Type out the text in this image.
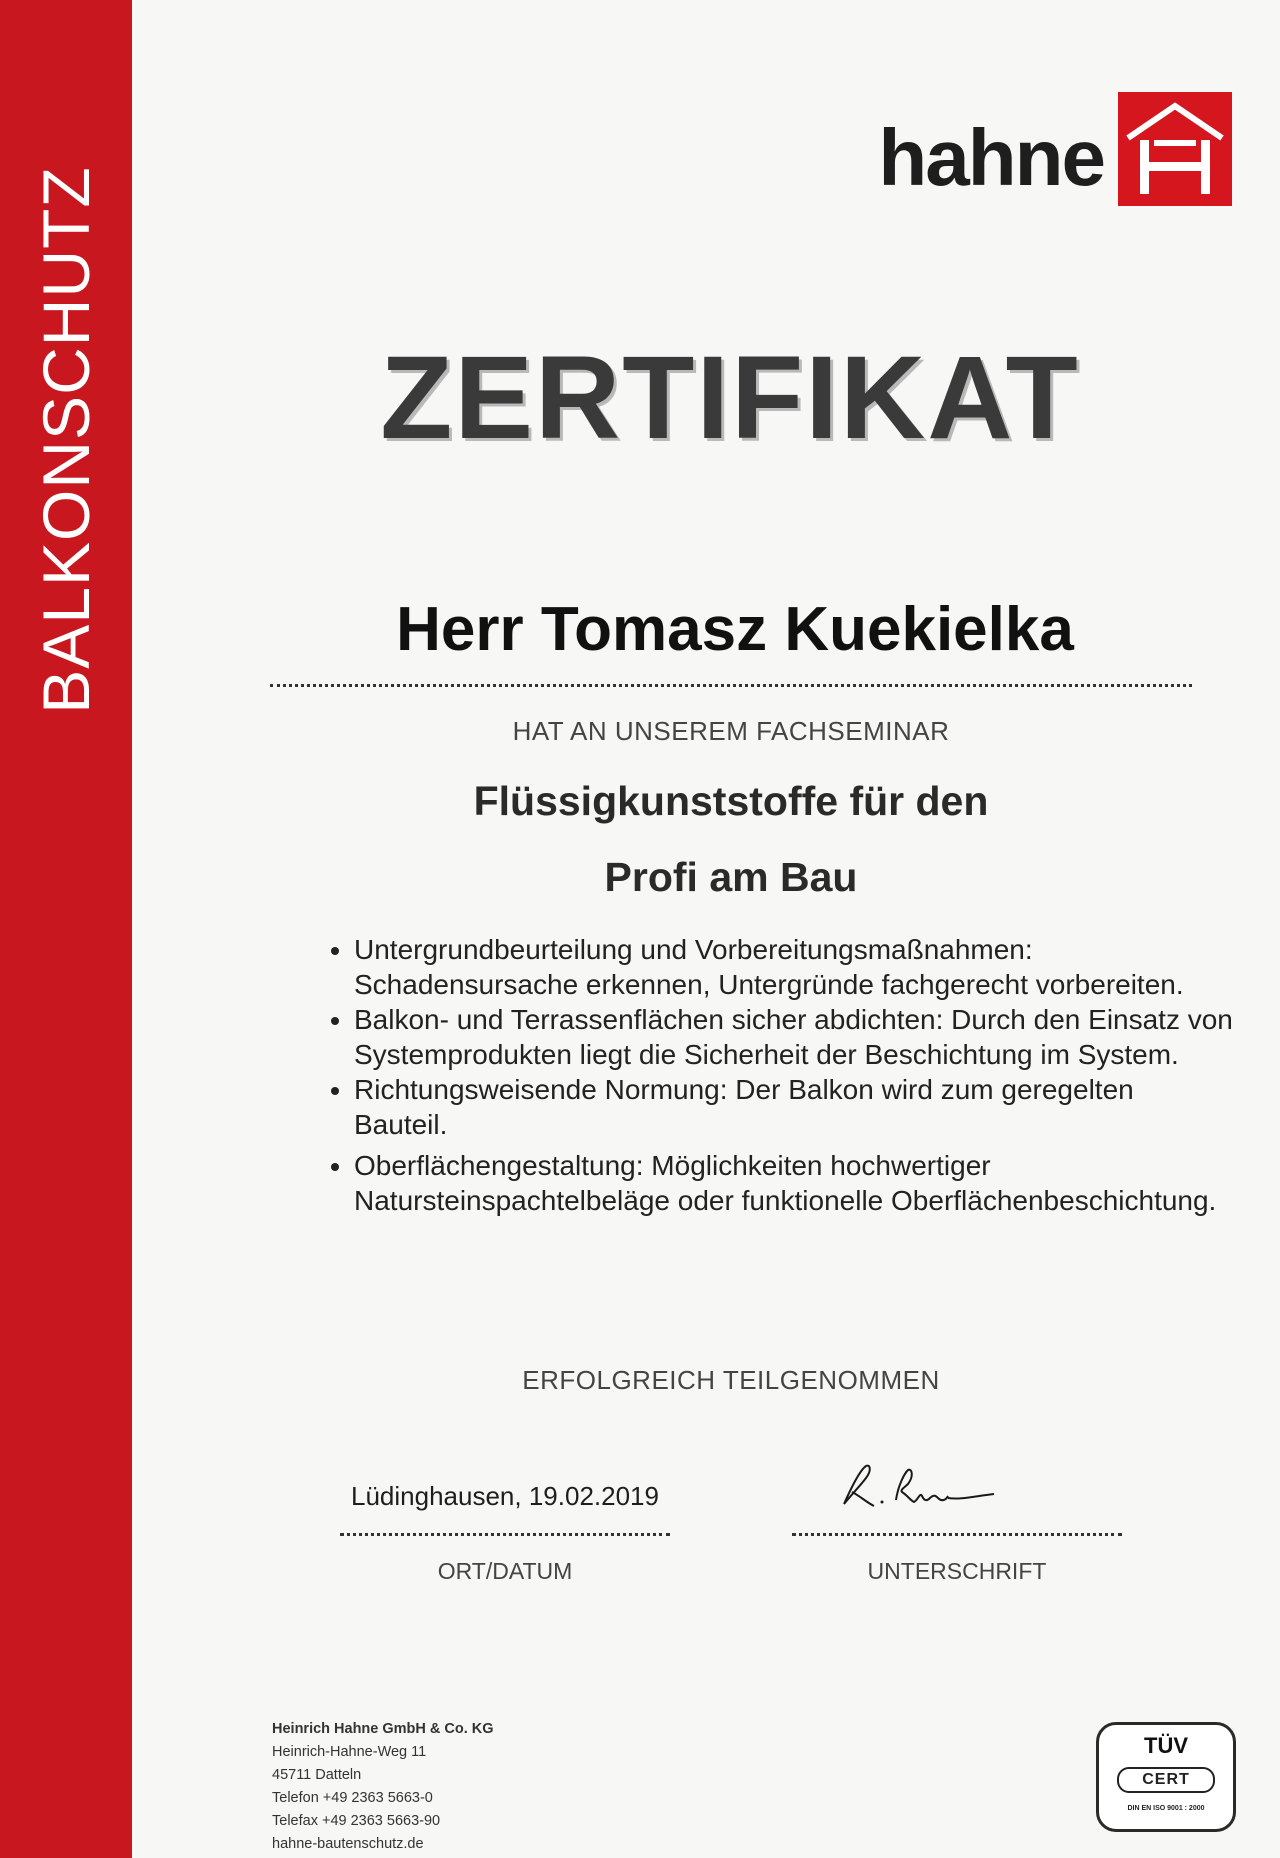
BALKONSCHUTZ
hahne
ZERTIFIKAT
Herr Tomasz Kuekielka
HAT AN UNSEREM FACHSEMINAR
Flüssigkunststoffe für den
Profi am Bau
• Untergrundbeurteilung und Vorbereitungsmaßnahmen: Schadensursache erkennen, Untergründe fachgerecht vorbereiten.
• Balkon- und Terrassenflächen sicher abdichten: Durch den Einsatz von Systemprodukten liegt die Sicherheit der Beschichtung im System.
• Richtungsweisende Normung: Der Balkon wird zum geregelten Bauteil.
• Oberflächengestaltung: Möglichkeiten hochwertiger Natursteinspachtelbeläge oder funktionelle Oberflächenbeschichtung.
ERFOLGREICH TEILGENOMMEN
Lüdinghausen, 19.02.2019
ORT/DATUM	UNTERSCHRIFT
Heinrich Hahne GmbH & Co. KG
Heinrich-Hahne-Weg 11
45711 Datteln
Telefon +49 2363 5663-0
Telefax +49 2363 5663-90
hahne-bautenschutz.de
TÜV
CERT
DIN EN ISO 9001 : 2000
